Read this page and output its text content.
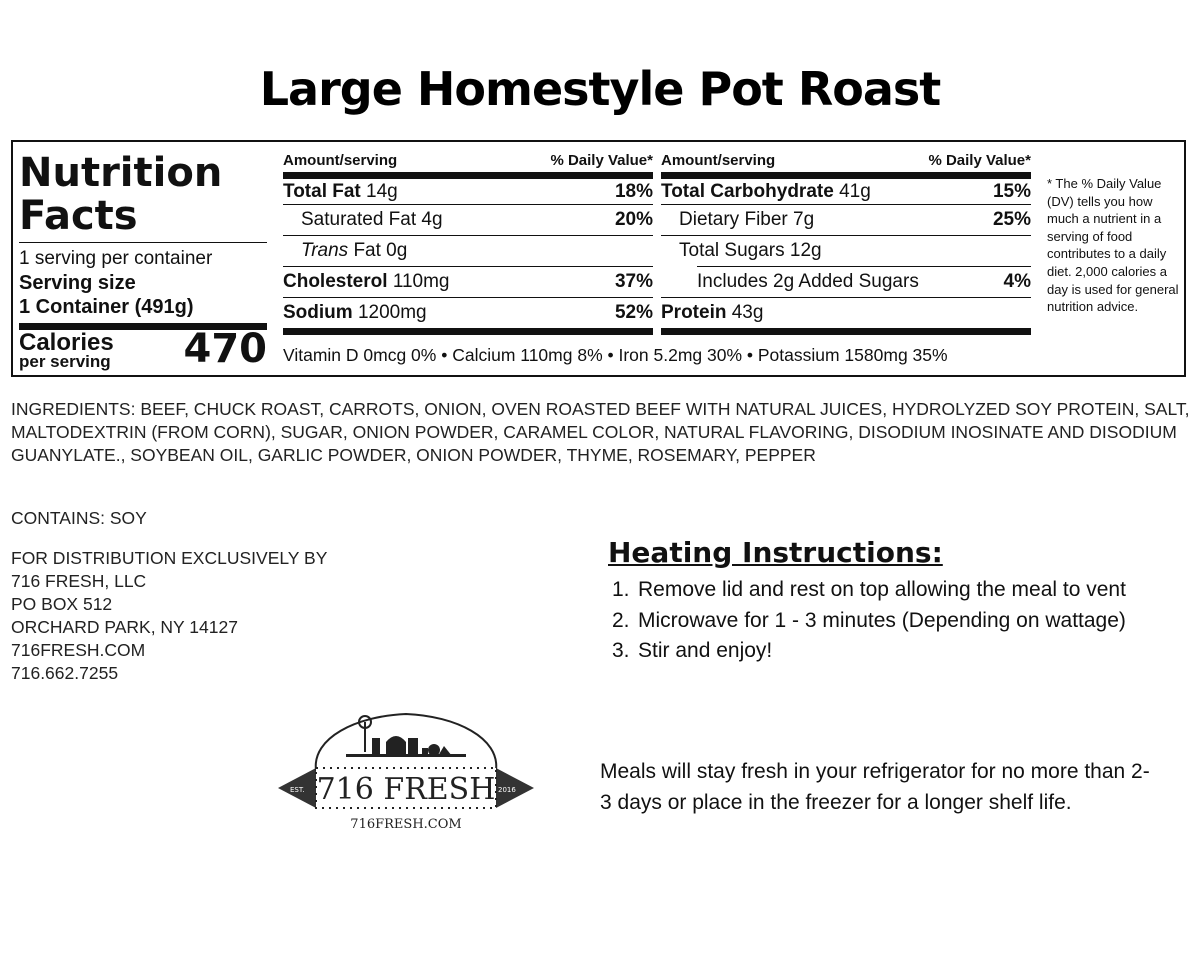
Large Homestyle Pot Roast
Nutrition
Facts
1 serving per container
Serving size
1 Container (491g)
Calories
per serving 470
Amount/serving	% Daily Value*
Total Fat 14g	18%
Saturated Fat 4g	20%
Trans Fat 0g
Cholesterol 110mg	37%
Sodium 1200mg	52%
Amount/serving	% Daily Value*
Total Carbohydrate 41g	15%
Dietary Fiber 7g	25%
Total Sugars 12g
Includes 2g Added Sugars	4%
Protein 43g
Vitamin D 0mcg 0% • Calcium 110mg 8% • Iron 5.2mg 30% • Potassium 1580mg 35%
* The % Daily Value (DV) tells you how much a nutrient in a serving of food contributes to a daily diet. 2,000 calories a day is used for general nutrition advice.
INGREDIENTS: BEEF, CHUCK ROAST, CARROTS, ONION, OVEN ROASTED BEEF WITH NATURAL JUICES, HYDROLYZED SOY PROTEIN, SALT, MALTODEXTRIN (FROM CORN), SUGAR, ONION POWDER, CARAMEL COLOR, NATURAL FLAVORING, DISODIUM INOSINATE AND DISODIUM GUANYLATE., SOYBEAN OIL, GARLIC POWDER, ONION POWDER, THYME, ROSEMARY, PEPPER
CONTAINS: SOY
FOR DISTRIBUTION EXCLUSIVELY BY
716 FRESH, LLC
PO BOX 512
ORCHARD PARK, NY 14127
716FRESH.COM
716.662.7255
716 FRESH
EST.	2016
716FRESH.COM
Heating Instructions:
1. Remove lid and rest on top allowing the meal to vent
2. Microwave for 1 - 3 minutes (Depending on wattage)
3. Stir and enjoy!
Meals will stay fresh in your refrigerator for no more than 2-3 days or place in the freezer for a longer shelf life.
